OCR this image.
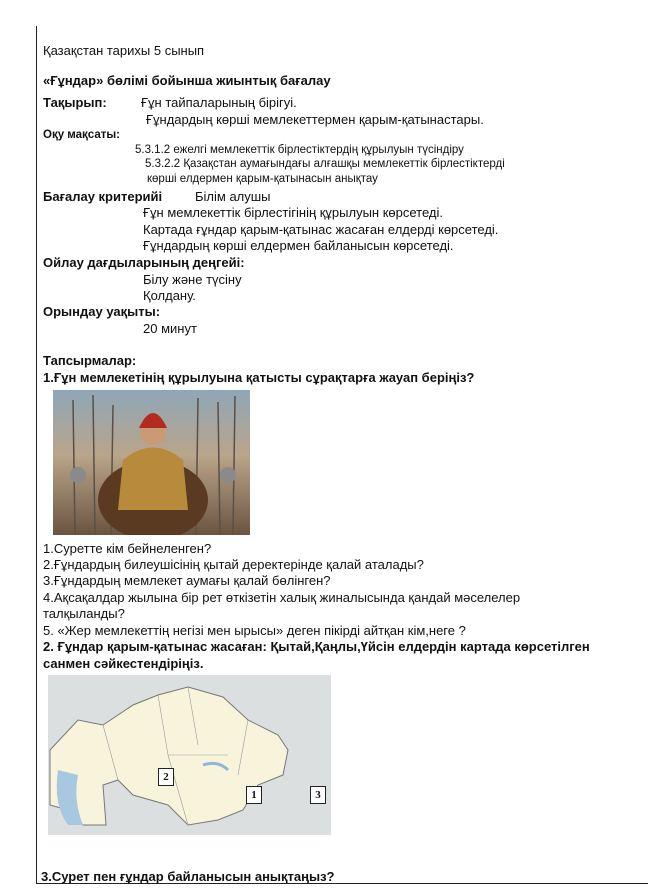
Қазақстан тарихы 5 сынып
«Ғұндар» бөлімі бойынша жиынтық бағалау
Тақырып:	Ғұн тайпаларының бірігуі.
Ғұндардың көрші мемлекеттермен қарым-қатынастары.
Оқу мақсаты:
5.3.1.2 ежелгі мемлекеттік бірлестіктердің құрылуын түсіндіру
5.3.2.2 Қазақстан аумағындағы алғашқы мемлекеттік бірлестіктерді
көрші елдермен қарым-қатынасын анықтау
Бағалау критерийі	Білім алушы
Ғұн мемлекеттік бірлестігінің құрылуын көрсетеді.
Картада ғұндар қарым-қатынас жасаған елдерді көрсетеді.
Ғұндардың көрші елдермен байланысын көрсетеді.
Ойлау дағдыларының деңгейі:
Білу және түсіну
Қолдану.
Орындау уақыты:
20 минут
Тапсырмалар:
1.Ғұн мемлекетінің құрылуына қатысты сұрақтарға жауап беріңіз?
1.Суретте кім бейнеленген?
2.Ғұндардың билеушісінің қытай деректерінде қалай аталады?
3.Ғұндардың мемлекет аумағы қалай бөлінген?
4.Ақсақалдар жылына бір рет өткізетін халық жиналысында қандай мәселелер
талқыланды?
5. «Жер мемлекеттің негізі мен ырысы» деген пікірді айтқан кім,неге ?
2. Ғұндар қарым-қатынас жасаған: Қытай,Қаңлы,Үйсін елдердін картада көрсетілген
санмен сәйкестендіріңіз.
2
1	3
3.Сурет пен ғұндар байланысын анықтаңыз?
